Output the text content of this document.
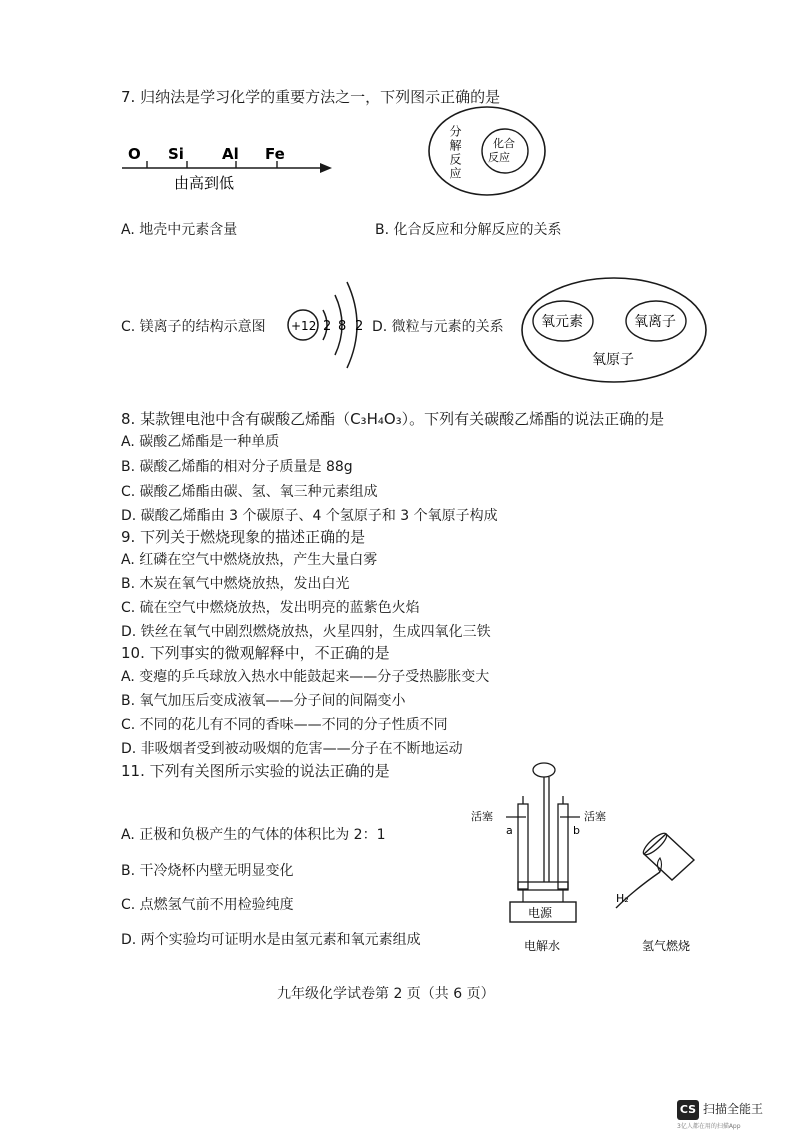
7. 归纳法是学习化学的重要方法之一，下列图示正确的是
O Si	Al Fe
由高到低
分解反应	化合
反应
A. 地壳中元素含量	B. 化合反应和分解反应的关系
C. 镁离子的结构示意图 +12 2 8 2 D. 微粒与元素的关系	氧元素	氧离子
氧原子
8. 某款锂电池中含有碳酸乙烯酯（C₃H₄O₃）。下列有关碳酸乙烯酯的说法正确的是
A. 碳酸乙烯酯是一种单质
B. 碳酸乙烯酯的相对分子质量是 88g
C. 碳酸乙烯酯由碳、氢、氧三种元素组成
D. 碳酸乙烯酯由 3 个碳原子、4 个氢原子和 3 个氧原子构成
9. 下列关于燃烧现象的描述正确的是
A. 红磷在空气中燃烧放热，产生大量白雾
B. 木炭在氧气中燃烧放热，发出白光
C. 硫在空气中燃烧放热，发出明亮的蓝紫色火焰
D. 铁丝在氧气中剧烈燃烧放热，火星四射，生成四氧化三铁
10. 下列事实的微观解释中，不正确的是
A. 变瘪的乒乓球放入热水中能鼓起来——分子受热膨胀变大
B. 氧气加压后变成液氧——分子间的间隔变小
C. 不同的花儿有不同的香味——不同的分子性质不同
D. 非吸烟者受到被动吸烟的危害——分子在不断地运动
11. 下列有关图所示实验的说法正确的是
A. 正极和负极产生的气体的体积比为 2：1
B. 干冷烧杯内壁无明显变化
C. 点燃氢气前不用检验纯度
D. 两个实验均可证明水是由氢元素和氧元素组成
活塞	活塞
a	b
电源
电解水
H₂
氢气燃烧
九年级化学试卷第 2 页（共 6 页）
CS 扫描全能王
3亿人都在用的扫描App
